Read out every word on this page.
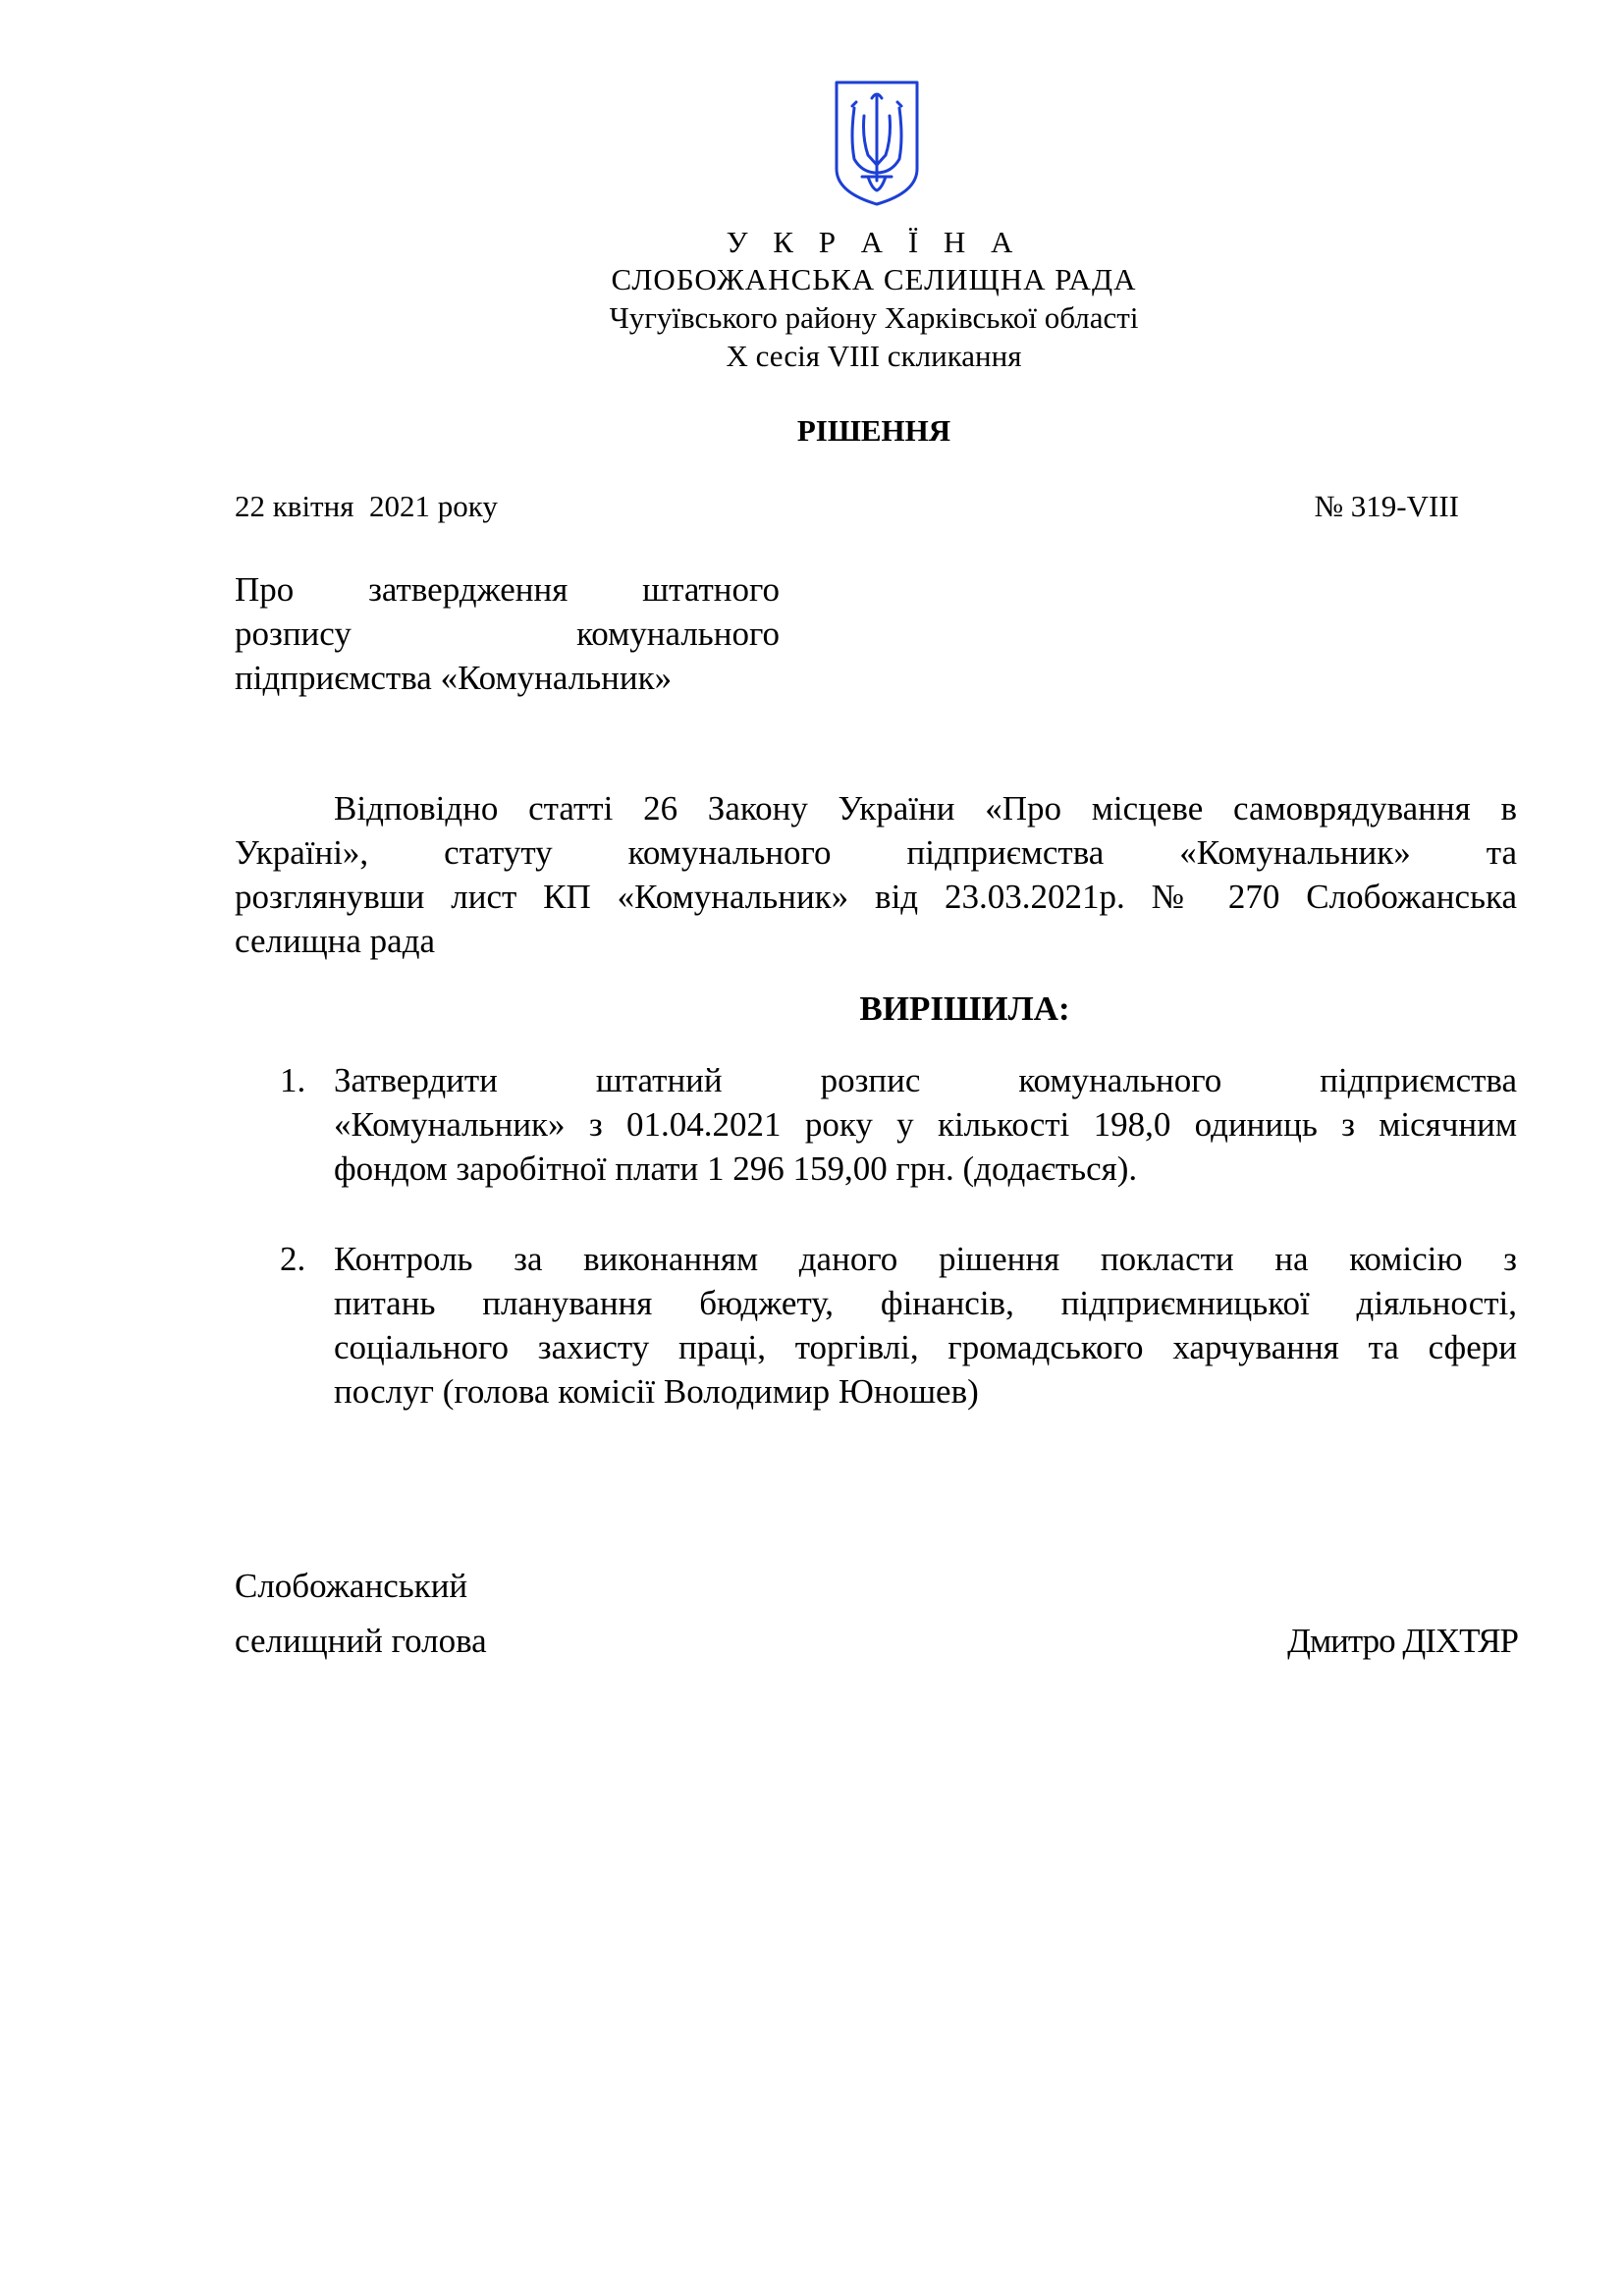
У К Р А Ї Н А
СЛОБОЖАНСЬКА СЕЛИЩНА РАДА
Чугуївського району Харківської області
X сесія VIII скликання
РІШЕННЯ
22 квітня  2021 року	№ 319-VIII
Про затвердження штатного
розпису комунального
підприємства «Комунальник»
Відповідно статті 26 Закону України «Про місцеве самоврядування в
Україні», статуту комунального підприємства «Комунальник» та
розглянувши лист КП «Комунальник» від 23.03.2021р. № 270 Слобожанська
селищна рада
ВИРІШИЛА:
1. Затвердити штатний розпис комунального підприємства
«Комунальник» з 01.04.2021 року у кількості 198,0 одиниць з місячним
фондом заробітної плати 1 296 159,00 грн. (додається).
2. Контроль за виконанням даного рішення покласти на комісію з
питань планування бюджету, фінансів, підприємницької діяльності,
соціального захисту праці, торгівлі, громадського харчування та сфери
послуг (голова комісії Володимир Юношев)
Слобожанський
селищний голова	Дмитро ДІХТЯР
